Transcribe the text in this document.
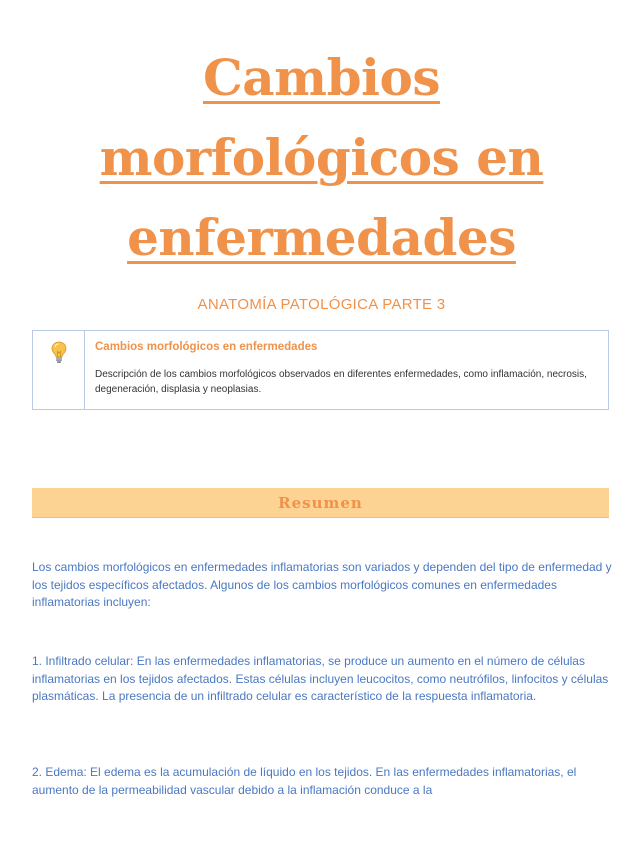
Cambios morfológicos en enfermedades
ANATOMÍA PATOLÓGICA PARTE 3
Cambios morfológicos en enfermedades
Descripción de los cambios morfológicos observados en diferentes enfermedades, como inflamación, necrosis, degeneración, displasia y neoplasias.
Resumen

Los cambios morfológicos en enfermedades inflamatorias son variados y dependen del tipo de enfermedad y los tejidos específicos afectados. Algunos de los cambios morfológicos comunes en enfermedades inflamatorias incluyen:

1. Infiltrado celular: En las enfermedades inflamatorias, se produce un aumento en el número de células inflamatorias en los tejidos afectados. Estas células incluyen leucocitos, como neutrófilos, linfocitos y células plasmáticas. La presencia de un infiltrado celular es característico de la respuesta inflamatoria.

2. Edema: El edema es la acumulación de líquido en los tejidos. En las enfermedades inflamatorias, el aumento de la permeabilidad vascular debido a la inflamación conduce a la
